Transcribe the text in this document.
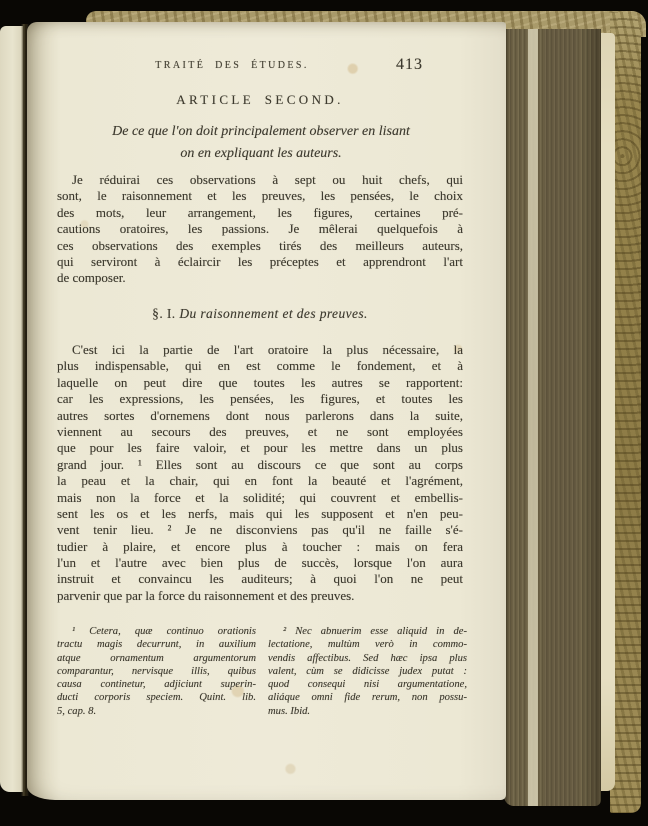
TRAITÉ DES ÉTUDES.	413
ARTICLE SECOND.
De ce que l'on doit principalement observer en lisant
on en expliquant les auteurs.
Je réduirai ces observations à sept ou huit chefs, qui
sont, le raisonnement et les preuves, les pensées, le choix
des mots, leur arrangement, les figures, certaines pré-
cautions oratoires, les passions. Je mêlerai quelquefois à
ces observations des exemples tirés des meilleurs auteurs,
qui serviront à éclaircir les préceptes et apprendront l'art
de composer.
§. I. Du raisonnement et des preuves.
C'est ici la partie de l'art oratoire la plus nécessaire, la
plus indispensable, qui en est comme le fondement, et à
laquelle on peut dire que toutes les autres se rapportent:
car les expressions, les pensées, les figures, et toutes les
autres sortes d'ornemens dont nous parlerons dans la suite,
viennent au secours des preuves, et ne sont employées
que pour les faire valoir, et pour les mettre dans un plus
grand jour. ¹ Elles sont au discours ce que sont au corps
la peau et la chair, qui en font la beauté et l'agrément,
mais non la force et la solidité; qui couvrent et embellis-
sent les os et les nerfs, mais qui les supposent et n'en peu-
vent tenir lieu. ² Je ne disconviens pas qu'il ne faille s'é-
tudier à plaire, et encore plus à toucher : mais on fera
l'un et l'autre avec bien plus de succès, lorsque l'on aura
instruit et convaincu les auditeurs; à quoi l'on ne peut
parvenir que par la force du raisonnement et des preuves.
¹ Cetera, quæ continuo orationis
tractu magis decurrunt, in auxilium
atque ornamentum argumentorum
comparantur, nervisque illis, quibus
causa continetur, adjiciunt superin-
ducti corporis speciem. Quint. lib.
5, cap. 8.
² Nec abnuerim esse aliquid in de-
lectatione, multùm verò in commo-
vendis affectibus. Sed hæc ipsa plus
valent, cùm se didicisse judex putat :
quod consequi nisi argumentatione,
aliáque omni fide rerum, non possu-
mus. Ibid.
